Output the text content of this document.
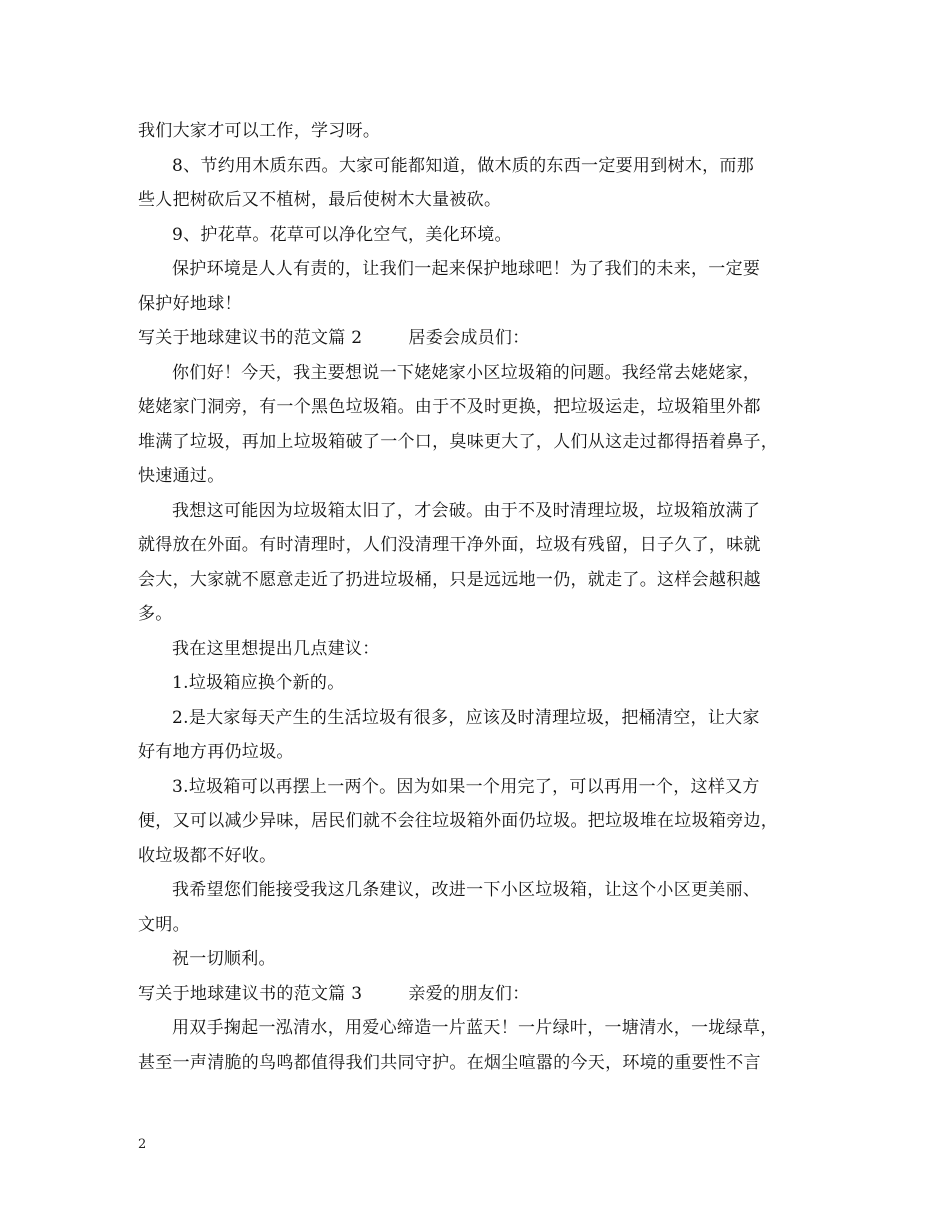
我们大家才可以工作，学习呀。
8、节约用木质东西。大家可能都知道，做木质的东西一定要用到树木，而那
些人把树砍后又不植树，最后使树木大量被砍。
9、护花草。花草可以净化空气，美化环境。
保护环境是人人有责的，让我们一起来保护地球吧！为了我们的未来，一定要
保护好地球！
写关于地球建议书的范文篇 2	居委会成员们：
你们好！今天，我主要想说一下姥姥家小区垃圾箱的问题。我经常去姥姥家，
姥姥家门洞旁，有一个黑色垃圾箱。由于不及时更换，把垃圾运走，垃圾箱里外都
堆满了垃圾，再加上垃圾箱破了一个口，臭味更大了，人们从这走过都得捂着鼻子，
快速通过。
我想这可能因为垃圾箱太旧了，才会破。由于不及时清理垃圾，垃圾箱放满了
就得放在外面。有时清理时，人们没清理干净外面，垃圾有残留，日子久了，味就
会大，大家就不愿意走近了扔进垃圾桶，只是远远地一仍，就走了。这样会越积越
多。
我在这里想提出几点建议：
1.垃圾箱应换个新的。
2.是大家每天产生的生活垃圾有很多，应该及时清理垃圾，把桶清空，让大家
好有地方再仍垃圾。
3.垃圾箱可以再摆上一两个。因为如果一个用完了，可以再用一个，这样又方
便，又可以减少异味，居民们就不会往垃圾箱外面仍垃圾。把垃圾堆在垃圾箱旁边，
收垃圾都不好收。
我希望您们能接受我这几条建议，改进一下小区垃圾箱，让这个小区更美丽、
文明。
祝一切顺利。
写关于地球建议书的范文篇 3	亲爱的朋友们：
用双手掬起一泓清水，用爱心缔造一片蓝天！一片绿叶，一塘清水，一垅绿草，
甚至一声清脆的鸟鸣都值得我们共同守护。在烟尘喧嚣的今天，环境的重要性不言
2
